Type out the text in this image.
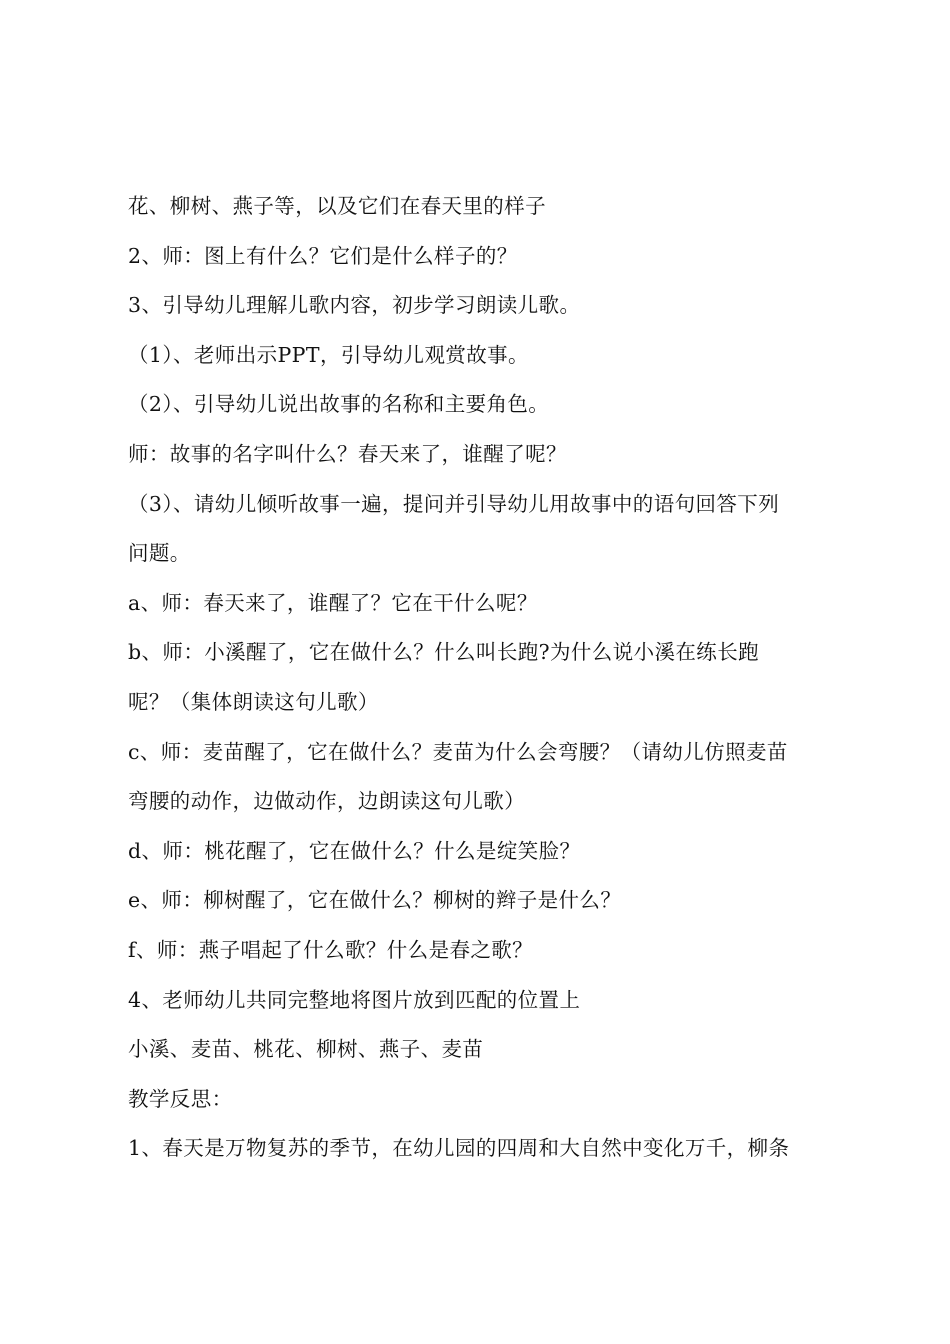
花、柳树、燕子等，以及它们在春天里的样子
2、师：图上有什么？它们是什么样子的？
3、引导幼儿理解儿歌内容，初步学习朗读儿歌。
（1）、老师出示PPT，引导幼儿观赏故事。
（2）、引导幼儿说出故事的名称和主要角色。
师：故事的名字叫什么？春天来了，谁醒了呢？
（3）、请幼儿倾听故事一遍，提问并引导幼儿用故事中的语句回答下列
问题。
a、师：春天来了，谁醒了？它在干什么呢？
b、师：小溪醒了，它在做什么？什么叫长跑?为什么说小溪在练长跑
呢？（集体朗读这句儿歌）
c、师：麦苗醒了，它在做什么？麦苗为什么会弯腰？（请幼儿仿照麦苗
弯腰的动作，边做动作，边朗读这句儿歌）
d、师：桃花醒了，它在做什么？什么是绽笑脸？
e、师：柳树醒了，它在做什么？柳树的辫子是什么？
f、师：燕子唱起了什么歌？什么是春之歌？
4、老师幼儿共同完整地将图片放到匹配的位置上
小溪、麦苗、桃花、柳树、燕子、麦苗
教学反思：
1、春天是万物复苏的季节，在幼儿园的四周和大自然中变化万千，柳条
